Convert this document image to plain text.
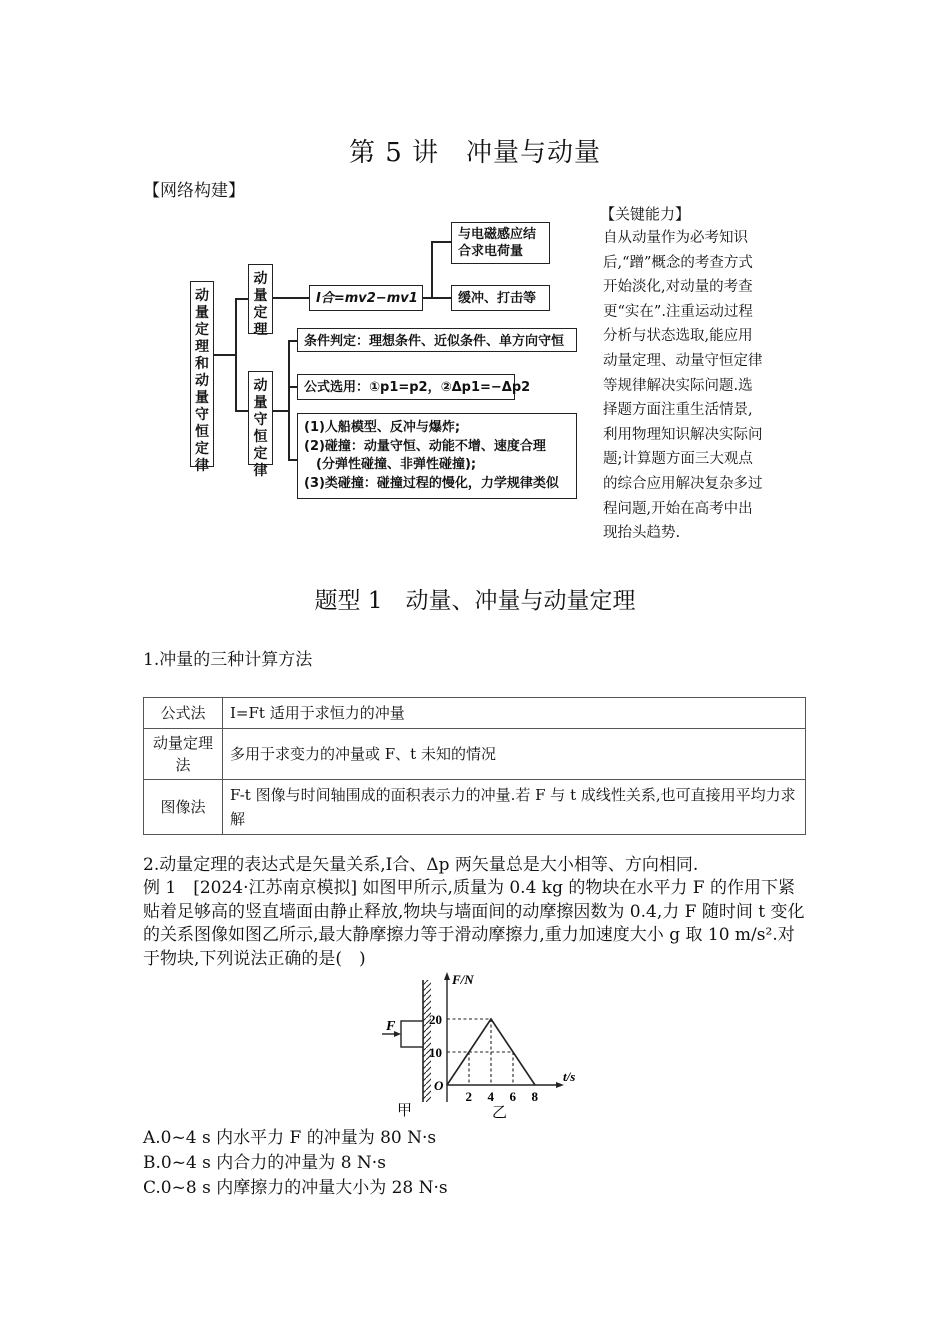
第 5 讲　冲量与动量
【网络构建】
动量定理和动量守恒定律
动量定理
动量守恒定律
I合=mv2−mv1
与电磁感应结
合求电荷量
缓冲、打击等
条件判定：理想条件、近似条件、单方向守恒
公式选用：①p1=p2，②Δp1=−Δp2
(1)人船模型、反冲与爆炸;
(2)碰撞：动量守恒、动能不增、速度合理
(分弹性碰撞、非弹性碰撞);
(3)类碰撞：碰撞过程的慢化，力学规律类似
【关键能力】
自从动量作为必考知识后,“蹭”概念的考查方式开始淡化,对动量的考查更“实在”.注重运动过程分析与状态选取,能应用动量定理、动量守恒定律等规律解决实际问题.选择题方面注重生活情景,利用物理知识解决实际问题;计算题方面三大观点的综合应用解决复杂多过程问题,开始在高考中出现抬头趋势.
题型 1　动量、冲量与动量定理
1.冲量的三种计算方法
公式法	I=Ft 适用于求恒力的冲量
动量定理法	多用于求变力的冲量或 F、t 未知的情况
图像法	F-t 图像与时间轴围成的面积表示力的冲量.若 F 与 t 成线性关系,也可直接用平均力求解
2.动量定理的表达式是矢量关系,I合、Δp 两矢量总是大小相等、方向相同.
例 1　[2024·江苏南京模拟] 如图甲所示,质量为 0.4 kg 的物块在水平力 F 的作用下紧贴着足够高的竖直墙面由静止释放,物块与墙面间的动摩擦因数为 0.4,力 F 随时间 t 变化的关系图像如图乙所示,最大静摩擦力等于滑动摩擦力,重力加速度大小 g 取 10 m/s².对于物块,下列说法正确的是(　)
F
甲
F/N
t/s
O
10
20
2 4 6 8
乙
A.0~4 s 内水平力 F 的冲量为 80 N·s
B.0~4 s 内合力的冲量为 8 N·s
C.0~8 s 内摩擦力的冲量大小为 28 N·s
